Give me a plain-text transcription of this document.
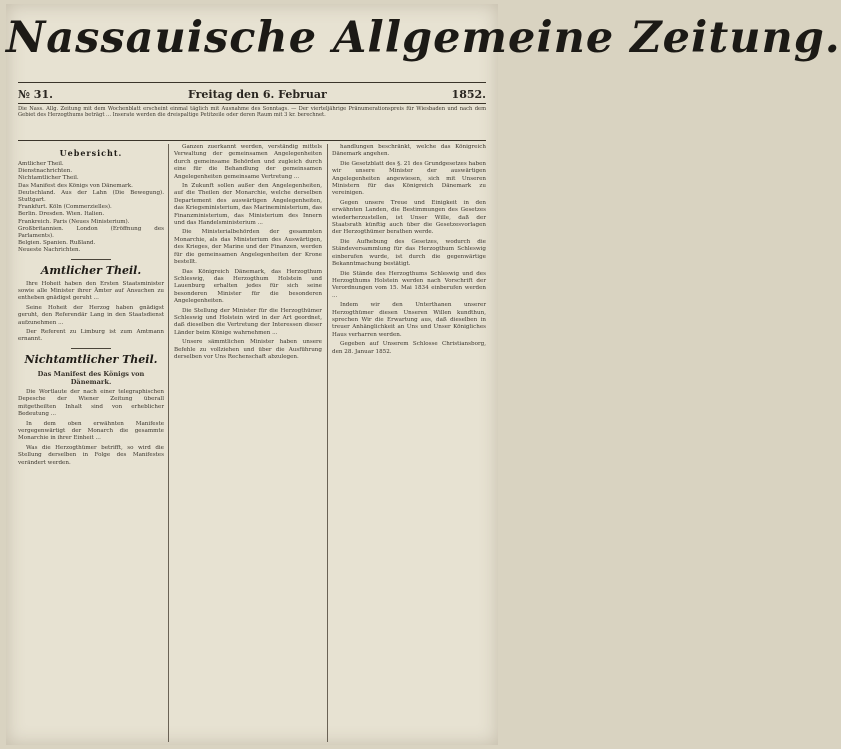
Nassauische Allgemeine Zeitung.
№ 31.	Freitag den 6. Februar	1852.
Die Nass. Allg. Zeitung mit dem Wochenblatt erscheint einmal täglich mit Ausnahme des Sonntags. — Der vierteljährige Pränumerationspreis für Wiesbaden und nach dem Gebiet des Herzogthums beträgt ... Inserate werden die dreispaltige Petitzeile oder deren Raum mit 3 kr. berechnet.
Uebersicht.

Amtlicher Theil.

Dienstnachrichten.

Nichtamtlicher Theil.

Das Manifest des Königs von Dänemark.

Deutschland. Aus der Lahn (Die Bewegung). Stuttgart.

Frankfurt. Köln (Commerzielles).

Berlin. Dresden. Wien. Italien.

Frankreich. Paris (Neues Ministerium).

Großbritannien. London (Eröffnung des Parlaments).

Belgien. Spanien. Rußland.

Neueste Nachrichten.

Amtlicher Theil.

Ihre Hoheit haben den Ersten Staatsminister sowie alle Minister ihrer Ämter auf Ansuchen zu entheben gnädigst geruht ...

Seine Hoheit der Herzog haben gnädigst geruht, den Referendär Lang in den Staatsdienst aufzunehmen ...

Der Referent zu Limburg ist zum Amtmann ernannt.

Nichtamtlicher Theil.
Das Manifest des Königs von Dänemark.

Die Wortlaute der nach einer telegraphischen Depesche der Wiener Zeitung überall mitgetheilten Inhalt sind von erheblicher Bedeutung ...

In dem oben erwähnten Manifeste vergegenwärtigt der Monarch die gesammte Monarchie in ihrer Einheit ...

Was die Herzogthümer betrifft, so wird die Stellung derselben in Folge des Manifestes verändert werden.

Ganzen zuerkannt werden, verständig mittels Verwaltung der gemeinsamen Angelegenheiten durch gemeinsame Behörden und zugleich durch eine für die Behandlung der gemeinsamen Angelegenheiten gemeinsame Vertretung ...

In Zukunft sollen außer den Angelegenheiten, auf die Theilen der Monarchie, welche derselben Departement des auswärtigen Angelegenheiten, das Kriegsministerium, das Marineministerium, das Finanzministerium, das Ministerium des Innern und das Handelsministerium ...

Die Ministerialbehörden der gesammten Monarchie, als das Ministerium des Auswärtigen, des Krieges, der Marine und der Finanzen, werden für die gemeinsamen Angelegenheiten der Krone bestellt.

Das Königreich Dänemark, das Herzogthum Schleswig, das Herzogthum Holstein und Lauenburg erhalten jedes für sich seine besonderen Minister für die besonderen Angelegenheiten.

Die Stellung der Minister für die Herzogthümer Schleswig und Holstein wird in der Art geordnet, daß dieselben die Vertretung der Interessen dieser Länder beim Könige wahrnehmen ...

Unsere sämmtlichen Minister haben unsere Befehle zu vollziehen und über die Ausführung derselben vor Uns Rechenschaft abzulegen.

handlungen beschränkt, welche das Königreich Dänemark angehen.

Die Gesetzblatt des §. 21 des Grundgesetzes haben wir unsere Minister der auswärtigen Angelegenheiten angewiesen, sich mit Unseren Ministern für das Königreich Dänemark zu vereinigen.

Gegen unsere Treue und Einigkeit in den erwähnten Landen, die Bestimmungen des Gesetzes wiederherzustellen, ist Unser Wille, daß der Staatsrath künftig auch über die Gesetzesvorlagen der Herzogthümer berathen werde.

Die Aufhebung des Gesetzes, wodurch die Ständeversammlung für das Herzogthum Schleswig einberufen wurde, ist durch die gegenwärtige Bekanntmachung bestätigt.

Die Stände des Herzogthums Schleswig und des Herzogthums Holstein werden nach Vorschrift der Verordnungen vom 15. Mai 1834 einberufen werden ...

Indem wir den Unterthanen unserer Herzogthümer diesen Unseren Willen kundthun, sprechen Wir die Erwartung aus, daß dieselben in treuer Anhänglichkeit an Uns und Unser Königliches Haus verharren werden.

Gegeben auf Unserem Schlosse Christiansborg, den 28. Januar 1852.
